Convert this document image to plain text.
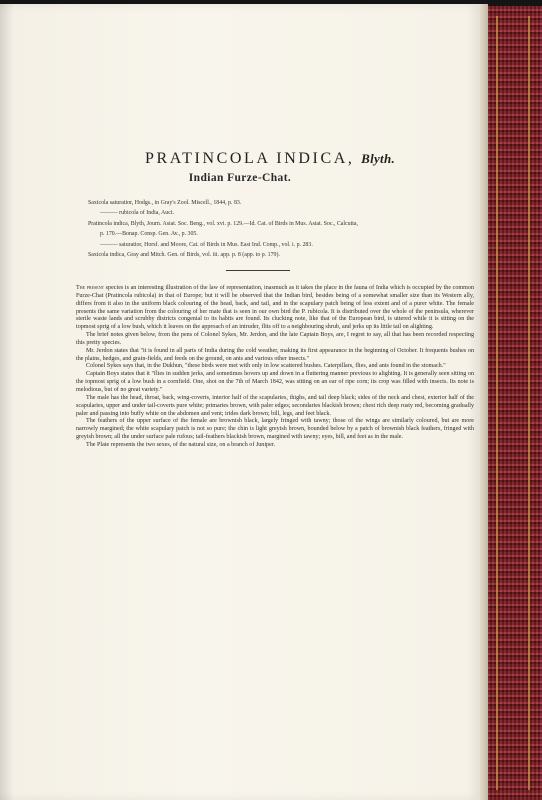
PRATINCOLA INDICA, Blyth.
Indian Furze-Chat.

Saxicola saturatior, Hodgs., in Gray's Zool. Miscell., 1844, p. 83.

——— rubicola of India, Auct.

Pratincola indica, Blyth, Journ. Asiat. Soc. Beng., vol. xvi. p. 129.—Id. Cat. of Birds in Mus. Asiat. Soc., Calcutta,

p. 170.—Bonap. Consp. Gen. Av., p. 305.

——— saturatior, Horsf. and Moore, Cat. of Birds in Mus. East Ind. Comp., vol. i. p. 283.

Saxicola indica, Gray and Mitch. Gen. of Birds, vol. iii. app. p. 8 (app. to p. 179).

The present species is an interesting illustration of the law of representation, inasmuch as it takes the place in the fauna of India which is occupied by the common Furze-Chat (Pratincola rubicola) in that of Europe; but it will be observed that the Indian bird, besides being of a somewhat smaller size than its Western ally, differs from it also in the uniform black colouring of the head, back, and tail, and in the scapulary patch being of less extent and of a purer white. The female presents the same variation from the colouring of her mate that is seen in our own bird the P. rubicola. It is distributed over the whole of the peninsula, wherever sterile waste lands and scrubby districts congenial to its habits are found. Its clucking note, like that of the European bird, is uttered while it is sitting on the topmost sprig of a low bush, which it leaves on the approach of an intruder, flits off to a neighbouring shrub, and jerks up its little tail on alighting.

The brief notes given below, from the pens of Colonel Sykes, Mr. Jerdon, and the late Captain Boys, are, I regret to say, all that has been recorded respecting this pretty species.

Mr. Jerdon states that "it is found in all parts of India during the cold weather, making its first appearance in the beginning of October. It frequents bushes on the plains, hedges, and grain-fields, and feeds on the ground, on ants and various other insects."

Colonel Sykes says that, in the Dukhun, "these birds were met with only in low scattered bushes. Caterpillars, flies, and ants found in the stomach."

Captain Boys states that it "flies in sudden jerks, and sometimes hovers up and down in a fluttering manner previous to alighting. It is generally seen sitting on the topmost sprig of a low bush in a cornfield. One, shot on the 7th of March 1842, was sitting on an ear of ripe corn; its crop was filled with insects. Its note is melodious, but of no great variety."

The male has the head, throat, back, wing-coverts, interior half of the scapularies, thighs, and tail deep black; sides of the neck and chest, exterior half of the scapularies, upper and under tail-coverts pure white; primaries brown, with paler edges; secondaries blackish brown; chest rich deep rusty red, becoming gradually paler and passing into buffy white on the abdomen and vent; irides dark brown; bill, legs, and feet black.

The feathers of the upper surface of the female are brownish black, largely fringed with tawny; those of the wings are similarly coloured, but are more narrowly margined; the white scapulary patch is not so pure; the chin is light greyish brown, bounded below by a patch of brownish black feathers, fringed with greyish brown; all the under surface pale rufous; tail-feathers blackish brown, margined with tawny; eyes, bill, and feet as in the male.

The Plate represents the two sexes, of the natural size, on a branch of Juniper.
